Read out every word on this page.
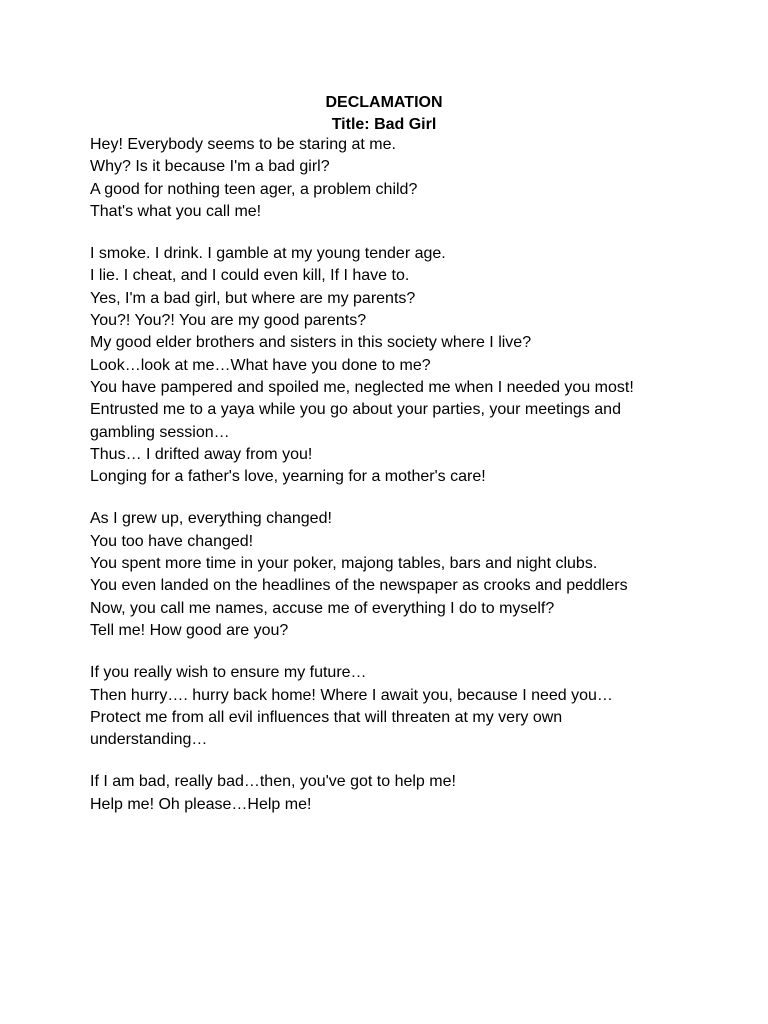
DECLAMATION
Title: Bad Girl
Hey! Everybody seems to be staring at me.
Why? Is it because I'm a bad girl?
A good for nothing teen ager, a problem child?
That's what you call me!
I smoke. I drink. I gamble at my young tender age.
I lie. I cheat, and I could even kill, If I have to.
Yes, I'm a bad girl, but where are my parents?
You?! You?! You are my good parents?
My good elder brothers and sisters in this society where I live?
Look…look at me…What have you done to me?
You have pampered and spoiled me, neglected me when I needed you most!
Entrusted me to a yaya while you go about your parties, your meetings and gambling session…
Thus… I drifted away from you!
Longing for a father's love, yearning for a mother's care!
As I grew up, everything changed!
You too have changed!
You spent more time in your poker, majong tables, bars and night clubs.
You even landed on the headlines of the newspaper as crooks and peddlers
Now, you call me names, accuse me of everything I do to myself?
Tell me! How good are you?
If you really wish to ensure my future…
Then hurry…. hurry back home! Where I await you, because I need you…
Protect me from all evil influences that will threaten at my very own understanding…
If I am bad, really bad…then, you've got to help me!
Help me! Oh please…Help me!
